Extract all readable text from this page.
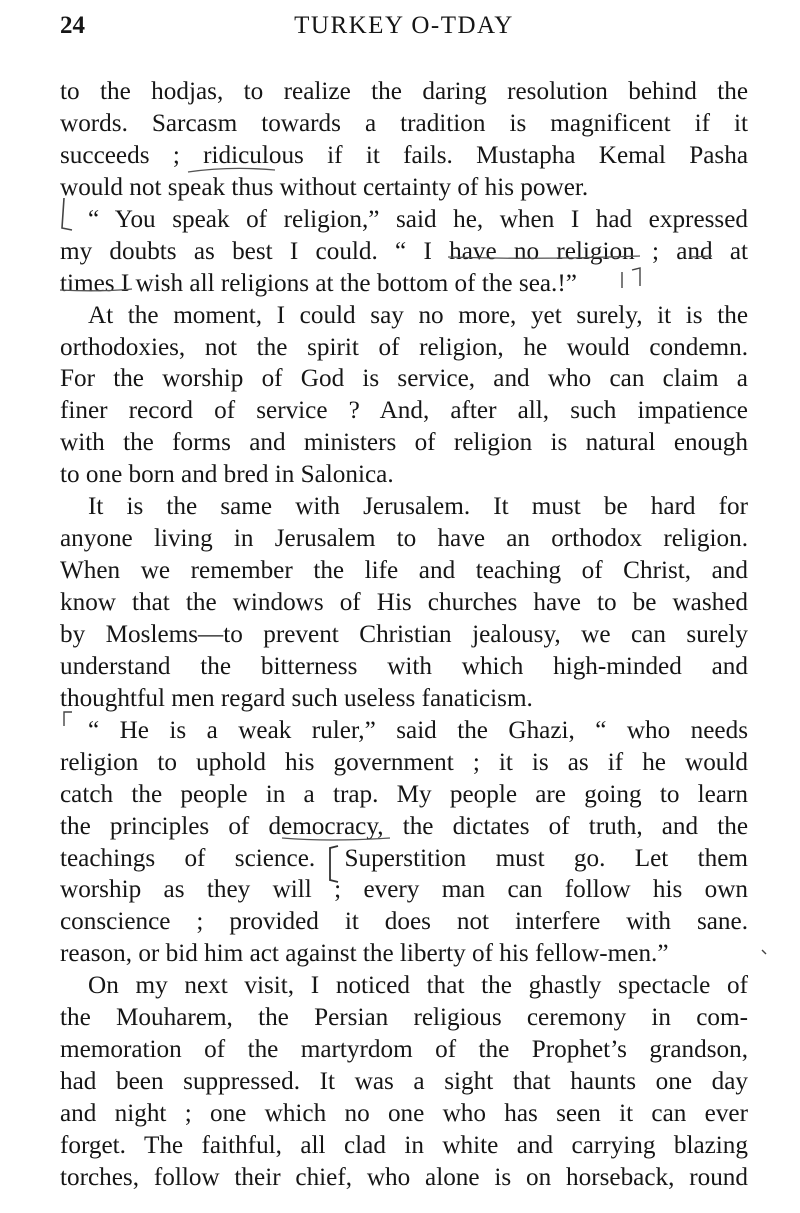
24	TURKEY O-TDAY
to the hodjas, to realize the daring resolution behind the
words. Sarcasm towards a tradition is magnificent if it
succeeds ; ridiculous if it fails. Mustapha Kemal Pasha
would not speak thus without certainty of his power.
“ You speak of religion,” said he, when I had expressed
my doubts as best I could. “ I have no religion ; and at
times I wish all religions at the bottom of the sea.!”
At the moment, I could say no more, yet surely, it is the
orthodoxies, not the spirit of religion, he would condemn.
For the worship of God is service, and who can claim a
finer record of service ? And, after all, such impatience
with the forms and ministers of religion is natural enough
to one born and bred in Salonica.
It is the same with Jerusalem. It must be hard for
anyone living in Jerusalem to have an orthodox religion.
When we remember the life and teaching of Christ, and
know that the windows of His churches have to be washed
by Moslems—to prevent Christian jealousy, we can surely
understand the bitterness with which high-minded and
thoughtful men regard such useless fanaticism.
“ He is a weak ruler,” said the Ghazi, “ who needs
religion to uphold his government ; it is as if he would
catch the people in a trap. My people are going to learn
the principles of democracy, the dictates of truth, and the
teachings of science. Superstition must go. Let them
worship as they will ; every man can follow his own
conscience ; provided it does not interfere with sane.
reason, or bid him act against the liberty of his fellow-men.”
On my next visit, I noticed that the ghastly spectacle of
the Mouharem, the Persian religious ceremony in com-
memoration of the martyrdom of the Prophet’s grandson,
had been suppressed. It was a sight that haunts one day
and night ; one which no one who has seen it can ever
forget. The faithful, all clad in white and carrying blazing
torches, follow their chief, who alone is on horseback, round
